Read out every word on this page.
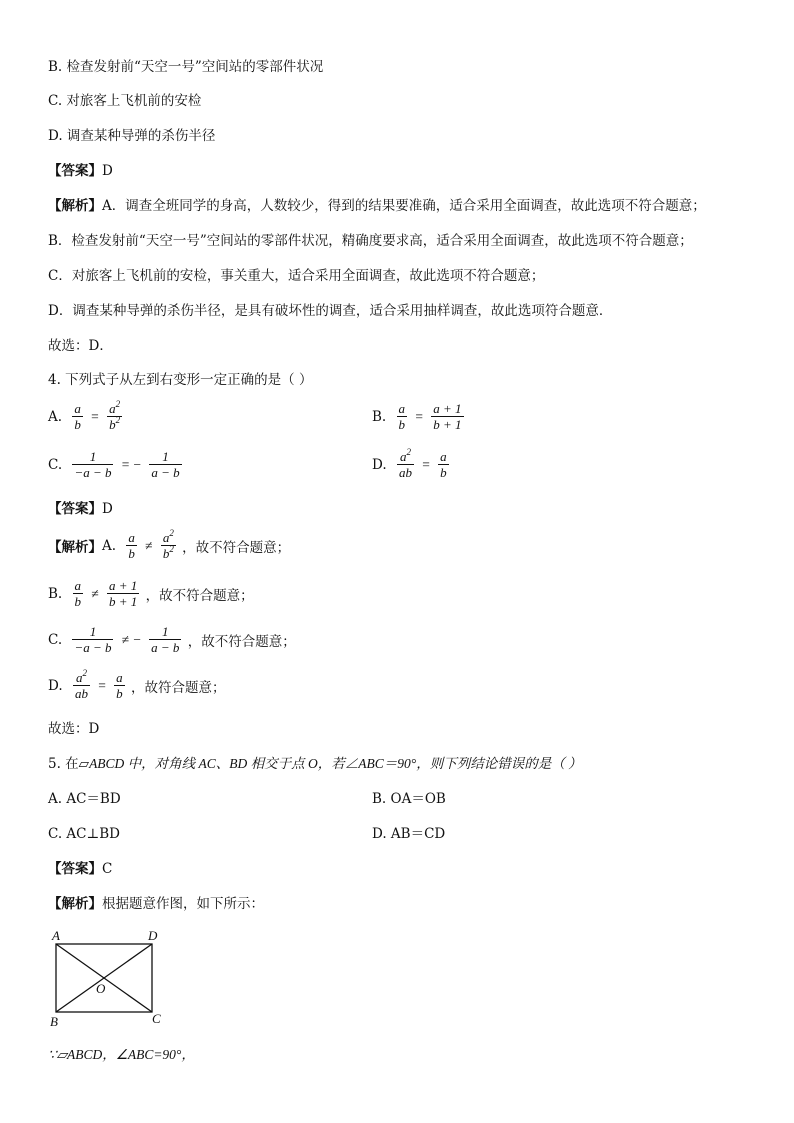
B. 检查发射前“天空一号”空间站的零部件状况
C. 对旅客上飞机前的安检
D. 调查某种导弹的杀伤半径
【答案】D
【解析】A．调查全班同学的身高，人数较少，得到的结果要准确，适合采用全面调查，故此选项不符合题意；
B．检查发射前“天空一号”空间站的零部件状况，精确度要求高，适合采用全面调查，故此选项不符合题意；
C．对旅客上飞机前的安检，事关重大，适合采用全面调查，故此选项不符合题意；
D．调查某种导弹的杀伤半径，是具有破坏性的调查，适合采用抽样调查，故此选项符合题意．
故选：D．
4. 下列式子从左到右变形一定正确的是（ ）
A. $\frac{a}{b} = \frac{a^2}{b^2}$	B. $\frac{a}{b} = \frac{a + 1}{b + 1}$
C. $\frac{1}{-a - b}$ = − $\frac{1}{a - b}$	D. $\frac{a^2}{ab} = \frac{a}{b}$
【答案】D
【解析】A. $\frac{a}{b} \ne \frac{a^2}{b^2}$ ，故不符合题意；
B. $\frac{a}{b} \ne \frac{a + 1}{b + 1}$ ，故不符合题意；
C. $\frac{1}{-a - b}$ ≠ − $\frac{1}{a - b}$ ，故不符合题意；
D. $\frac{a^2}{ab} = \frac{a}{b}$ ，故符合题意；
故选：D
5. 在▱ABCD 中，对角线 AC、BD 相交于点 O，若∠ABC＝90°，则下列结论错误的是（ ）
A. AC＝BD	B. OA＝OB
C. AC⊥BD	D. AB＝CD
【答案】C
【解析】根据题意作图，如下所示：
A	D
B	C
O
∵▱ABCD，∠ABC=90°，
